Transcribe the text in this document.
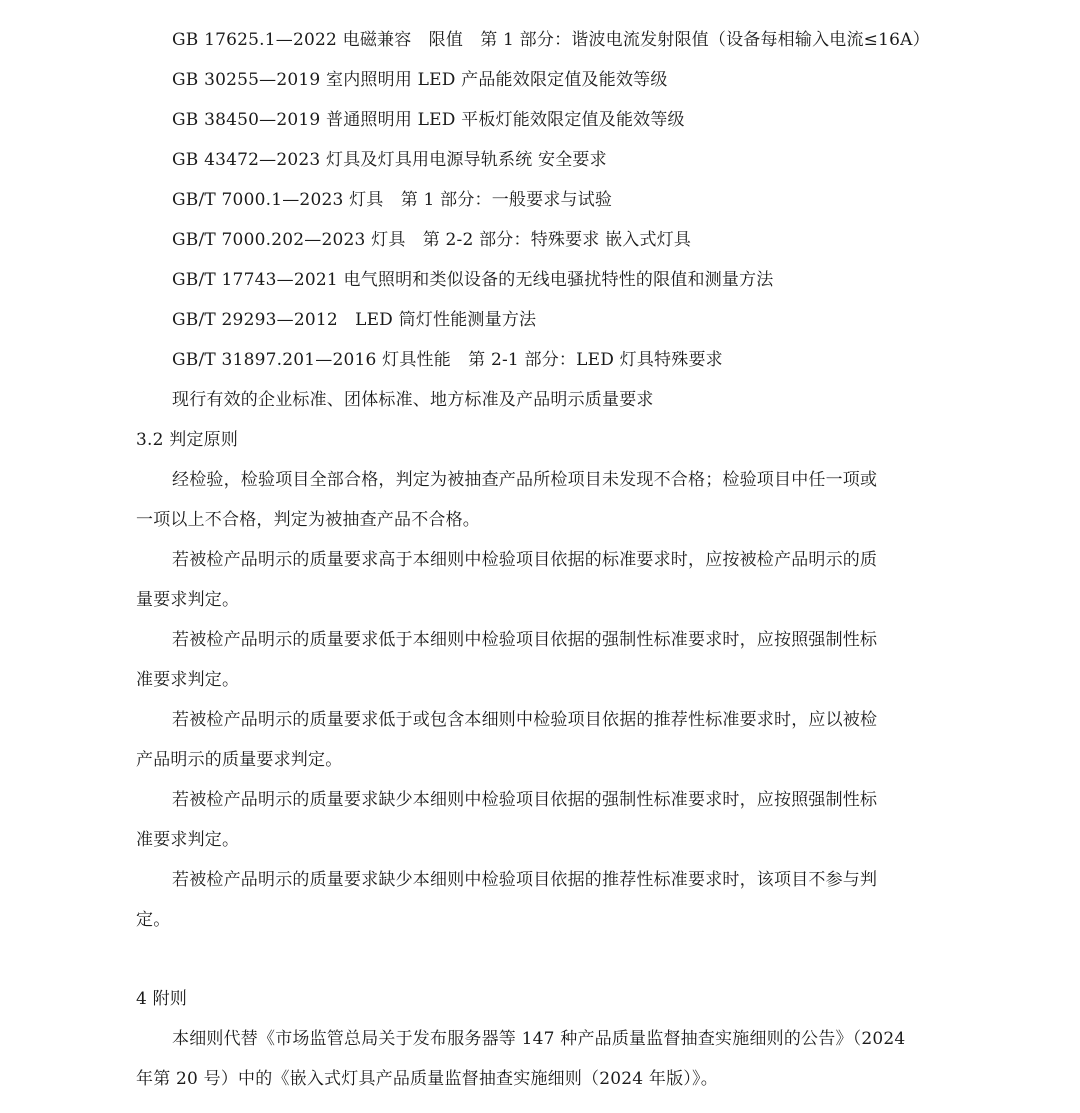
GB 17625.1—2022 电磁兼容　限值　第 1 部分：谐波电流发射限值（设备每相输入电流≤16A）
GB 30255—2019 室内照明用 LED 产品能效限定值及能效等级
GB 38450—2019 普通照明用 LED 平板灯能效限定值及能效等级
GB 43472—2023 灯具及灯具用电源导轨系统 安全要求
GB/T 7000.1—2023 灯具　第 1 部分：一般要求与试验
GB/T 7000.202—2023 灯具　第 2-2 部分：特殊要求 嵌入式灯具
GB/T 17743—2021 电气照明和类似设备的无线电骚扰特性的限值和测量方法
GB/T 29293—2012　LED 筒灯性能测量方法
GB/T 31897.201—2016 灯具性能　第 2-1 部分：LED 灯具特殊要求
现行有效的企业标准、团体标准、地方标准及产品明示质量要求
3.2 判定原则
经检验，检验项目全部合格，判定为被抽查产品所检项目未发现不合格；检验项目中任一项或
一项以上不合格，判定为被抽查产品不合格。
若被检产品明示的质量要求高于本细则中检验项目依据的标准要求时，应按被检产品明示的质
量要求判定。
若被检产品明示的质量要求低于本细则中检验项目依据的强制性标准要求时，应按照强制性标
准要求判定。
若被检产品明示的质量要求低于或包含本细则中检验项目依据的推荐性标准要求时，应以被检
产品明示的质量要求判定。
若被检产品明示的质量要求缺少本细则中检验项目依据的强制性标准要求时，应按照强制性标
准要求判定。
若被检产品明示的质量要求缺少本细则中检验项目依据的推荐性标准要求时，该项目不参与判
定。
4 附则
本细则代替《市场监管总局关于发布服务器等 147 种产品质量监督抽查实施细则的公告》（2024
年第 20 号）中的《嵌入式灯具产品质量监督抽查实施细则（2024 年版）》。
